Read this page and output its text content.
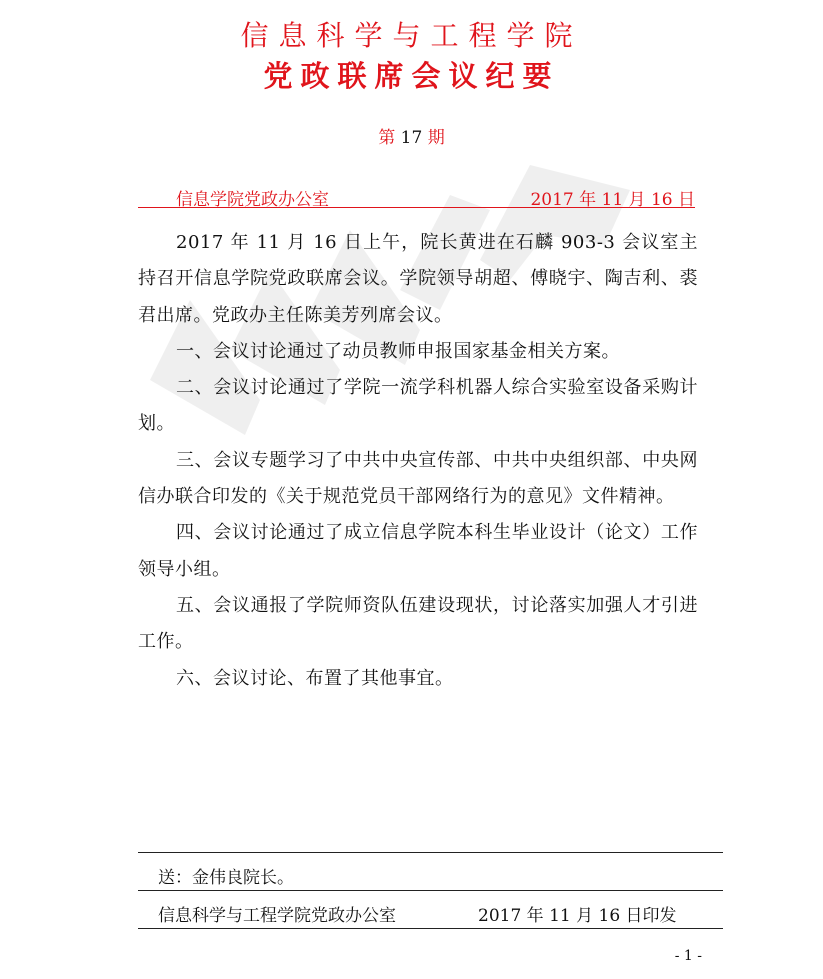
信息科学与工程学院
党政联席会议纪要
第 17 期
信息学院党政办公室	2017 年 11 月 16 日

2017 年 11 月 16 日上午，院长黄进在石麟 903-3 会议室主持召开信息学院党政联席会议。学院领导胡超、傅晓宇、陶吉利、裘君出席。党政办主任陈美芳列席会议。

一、会议讨论通过了动员教师申报国家基金相关方案。

二、会议讨论通过了学院一流学科机器人综合实验室设备采购计划。

三、会议专题学习了中共中央宣传部、中共中央组织部、中央网信办联合印发的《关于规范党员干部网络行为的意见》文件精神。

四、会议讨论通过了成立信息学院本科生毕业设计（论文）工作领导小组。

五、会议通报了学院师资队伍建设现状，讨论落实加强人才引进工作。

六、会议讨论、布置了其他事宜。

送：金伟良院长。
信息科学与工程学院党政办公室	2017 年 11 月 16 日印发
- 1 -
